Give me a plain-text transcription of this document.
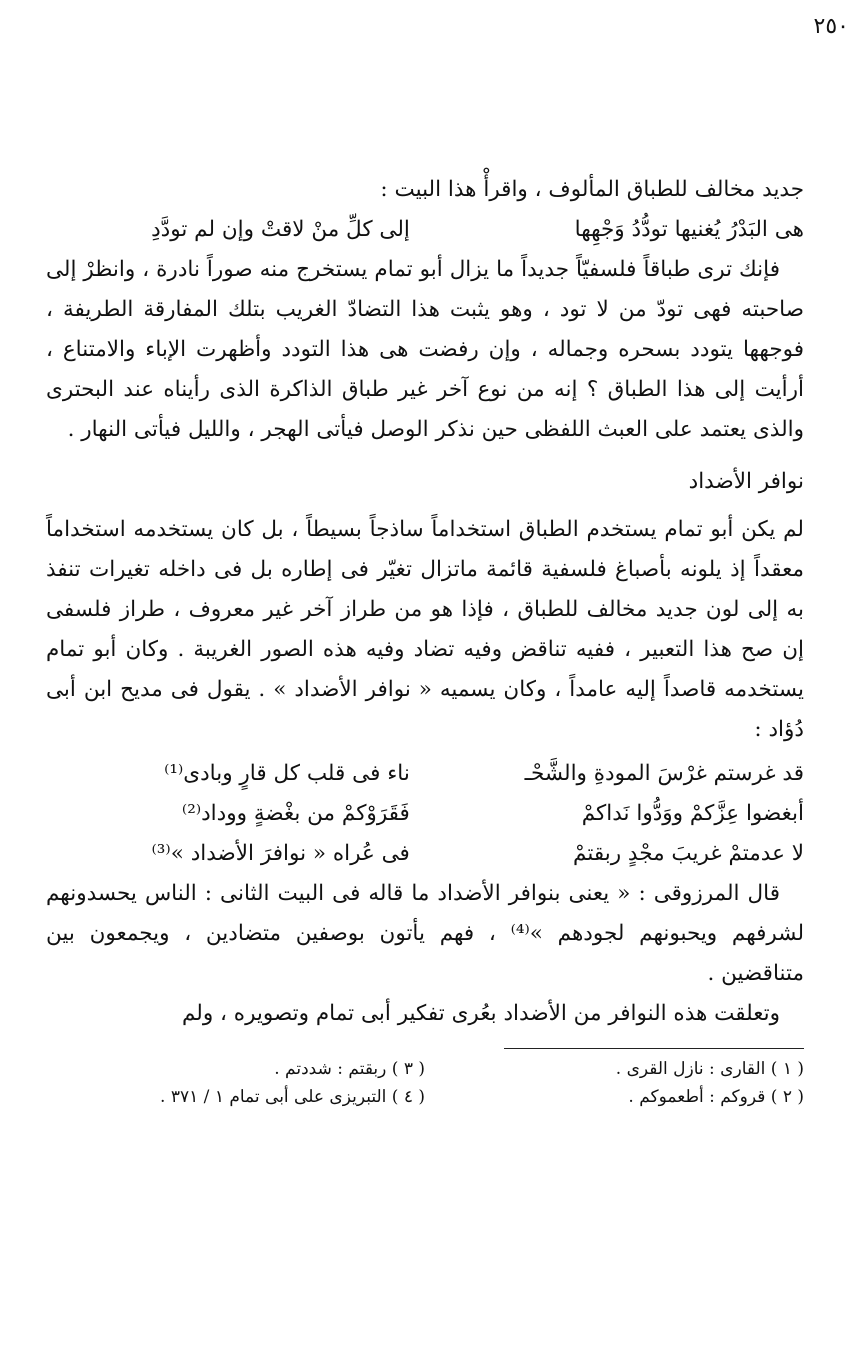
٢٥٠

جديد مخالف للطباق المألوف ، واقرأْ هذا البيت :

هى البَدْرُ يُغنيها تودُّدُ وَجْهِها
إلى كلِّ منْ لاقتْ وإن لم تودَّدِ

فإنك ترى طباقاً فلسفيّاً جديداً ما يزال أبو تمام يستخرج منه صوراً نادرة ، وانظرْ إلى صاحبته فهى تودّ من لا تود ، وهو يثبت هذا التضادّ الغريب بتلك المفارقة الطريفة ، فوجهها يتودد بسحره وجماله ، وإن رفضت هى هذا التودد وأظهرت الإباء والامتناع ، أرأيت إلى هذا الطباق ؟ إنه من نوع آخر غير طباق الذاكرة الذى رأيناه عند البحترى والذى يعتمد على العبث اللفظى حين نذكر الوصل فيأتى الهجر ، والليل فيأتى النهار .

نوافر الأضداد

لم يكن أبو تمام يستخدم الطباق استخداماً ساذجاً بسيطاً ، بل كان يستخدمه استخداماً معقداً إذ يلونه بأصباغ فلسفية قائمة ماتزال تغيّر فى إطاره بل فى داخله تغيرات تنفذ به إلى لون جديد مخالف للطباق ، فإذا هو من طراز آخر غير معروف ، طراز فلسفى إن صح هذا التعبير ، ففيه تناقض وفيه تضاد وفيه هذه الصور الغريبة . وكان أبو تمام يستخدمه قاصداً إليه عامداً ، وكان يسميه « نوافر الأضداد » . يقول فى مديح ابن أبى دُؤاد :

قد غرستم غرْسَ المودةِ والشَّحْـ
ناء فى قلب كل قارٍ وبادى⁽¹⁾
أبغضوا عِزَّكمْ ووَدُّوا نَداكمْ
فَقَرَوْكمْ من بغْضةٍ ووداد⁽²⁾
لا عدمتمْ غريبَ مجْدٍ ربقتمْ
فى عُراه « نوافرَ الأضداد »⁽³⁾

قال المرزوقى : « يعنى بنوافر الأضداد ما قاله فى البيت الثانى : الناس يحسدونهم لشرفهم ويحبونهم لجودهم »⁽⁴⁾ ، فهم يأتون بوصفين متضادين ، ويجمعون بين متناقضين .

وتعلقت هذه النوافر من الأضداد بعُرى تفكير أبى تمام وتصويره ، ولم

( ١ ) القارى : نازل القرى .
( ٢ ) قروكم : أطعموكم .
( ٣ ) ربقتم : شددتم .
( ٤ ) التبريزى على أبى تمام ١ / ٣٧١ .
